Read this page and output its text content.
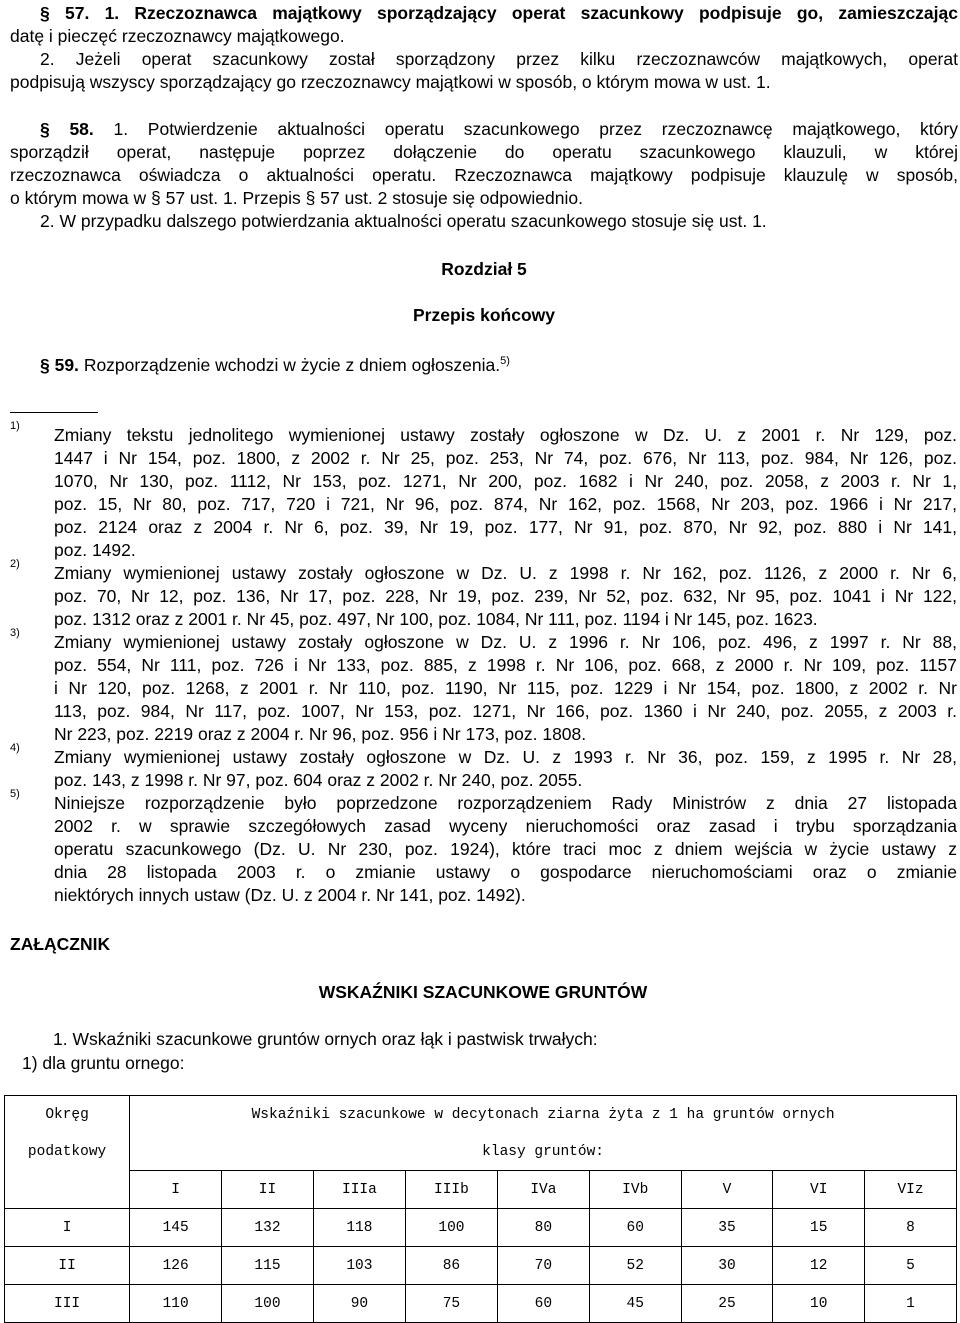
§ 57. 1. Rzeczoznawca majątkowy sporządzający operat szacunkowy podpisuje go, zamieszczając
datę i pieczęć rzeczoznawcy majątkowego.
2. Jeżeli operat szacunkowy został sporządzony przez kilku rzeczoznawców majątkowych, operat
podpisują wszyscy sporządzający go rzeczoznawcy majątkowi w sposób, o którym mowa w ust. 1.
§ 58. 1. Potwierdzenie aktualności operatu szacunkowego przez rzeczoznawcę majątkowego, który
sporządził operat, następuje poprzez dołączenie do operatu szacunkowego klauzuli, w której
rzeczoznawca oświadcza o aktualności operatu. Rzeczoznawca majątkowy podpisuje klauzulę w sposób,
o którym mowa w § 57 ust. 1. Przepis § 57 ust. 2 stosuje się odpowiednio.
2. W przypadku dalszego potwierdzania aktualności operatu szacunkowego stosuje się ust. 1.
Rozdział 5
Przepis końcowy
§ 59. Rozporządzenie wchodzi w życie z dniem ogłoszenia.$^{5)}$
1) Zmiany tekstu jednolitego wymienionej ustawy zostały ogłoszone w Dz. U. z 2001 r. Nr 129, poz.
1447 i Nr 154, poz. 1800, z 2002 r. Nr 25, poz. 253, Nr 74, poz. 676, Nr 113, poz. 984, Nr 126, poz.
1070, Nr 130, poz. 1112, Nr 153, poz. 1271, Nr 200, poz. 1682 i Nr 240, poz. 2058, z 2003 r. Nr 1,
poz. 15, Nr 80, poz. 717, 720 i 721, Nr 96, poz. 874, Nr 162, poz. 1568, Nr 203, poz. 1966 i Nr 217,
poz. 2124 oraz z 2004 r. Nr 6, poz. 39, Nr 19, poz. 177, Nr 91, poz. 870, Nr 92, poz. 880 i Nr 141,
poz. 1492.
2) Zmiany wymienionej ustawy zostały ogłoszone w Dz. U. z 1998 r. Nr 162, poz. 1126, z 2000 r. Nr 6,
poz. 70, Nr 12, poz. 136, Nr 17, poz. 228, Nr 19, poz. 239, Nr 52, poz. 632, Nr 95, poz. 1041 i Nr 122,
poz. 1312 oraz z 2001 r. Nr 45, poz. 497, Nr 100, poz. 1084, Nr 111, poz. 1194 i Nr 145, poz. 1623.
3) Zmiany wymienionej ustawy zostały ogłoszone w Dz. U. z 1996 r. Nr 106, poz. 496, z 1997 r. Nr 88,
poz. 554, Nr 111, poz. 726 i Nr 133, poz. 885, z 1998 r. Nr 106, poz. 668, z 2000 r. Nr 109, poz. 1157
i Nr 120, poz. 1268, z 2001 r. Nr 110, poz. 1190, Nr 115, poz. 1229 i Nr 154, poz. 1800, z 2002 r. Nr
113, poz. 984, Nr 117, poz. 1007, Nr 153, poz. 1271, Nr 166, poz. 1360 i Nr 240, poz. 2055, z 2003 r.
Nr 223, poz. 2219 oraz z 2004 r. Nr 96, poz. 956 i Nr 173, poz. 1808.
4) Zmiany wymienionej ustawy zostały ogłoszone w Dz. U. z 1993 r. Nr 36, poz. 159, z 1995 r. Nr 28,
poz. 143, z 1998 r. Nr 97, poz. 604 oraz z 2002 r. Nr 240, poz. 2055.
5) Niniejsze rozporządzenie było poprzedzone rozporządzeniem Rady Ministrów z dnia 27 listopada
2002 r. w sprawie szczegółowych zasad wyceny nieruchomości oraz zasad i trybu sporządzania
operatu szacunkowego (Dz. U. Nr 230, poz. 1924), które traci moc z dniem wejścia w życie ustawy z
dnia 28 listopada 2003 r. o zmianie ustawy o gospodarce nieruchomościami oraz o zmianie
niektórych innych ustaw (Dz. U. z 2004 r. Nr 141, poz. 1492).
ZAŁĄCZNIK
WSKAŹNIKI SZACUNKOWE GRUNTÓW
1. Wskaźniki szacunkowe gruntów ornych oraz łąk i pastwisk trwałych:
1) dla gruntu ornego:
Okręg	Wskaźniki szacunkowe w decytonach ziarna żyta z 1 ha gruntów ornych								
podatkowy	klasy gruntów:								
	I	II	IIIa	IIIb	IVa	IVb	V	VI	VIz
I	145	132	118	100	80	60	35	15	8
II	126	115	103	86	70	52	30	12	5
III	110	100	90	75	60	45	25	10	1
